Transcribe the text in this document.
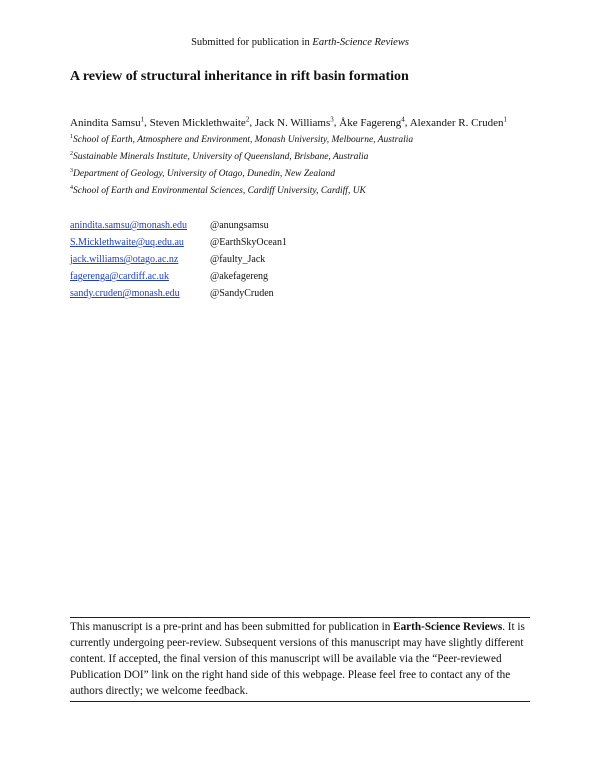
Submitted for publication in Earth-Science Reviews
A review of structural inheritance in rift basin formation
Anindita Samsu$^1$, Steven Micklethwaite$^2$, Jack N. Williams$^3$, Åke Fagereng$^4$, Alexander R. Cruden$^1$
$^1$School of Earth, Atmosphere and Environment, Monash University, Melbourne, Australia
$^2$Sustainable Minerals Institute, University of Queensland, Brisbane, Australia
$^3$Department of Geology, University of Otago, Dunedin, New Zealand
$^4$School of Earth and Environmental Sciences, Cardiff University, Cardiff, UK
anindita.samsu@monash.edu	@anungsamsu
S.Micklethwaite@uq.edu.au	@EarthSkyOcean1
jack.williams@otago.ac.nz	@faulty_Jack
fagerenga@cardiff.ac.uk	@akefagereng
sandy.cruden@monash.edu	@SandyCruden
This manuscript is a pre-print and has been submitted for publication in Earth-Science Reviews. It is currently undergoing peer-review. Subsequent versions of this manuscript may have slightly different content. If accepted, the final version of this manuscript will be available via the “Peer-reviewed Publication DOI” link on the right hand side of this webpage. Please feel free to contact any of the authors directly; we welcome feedback.
